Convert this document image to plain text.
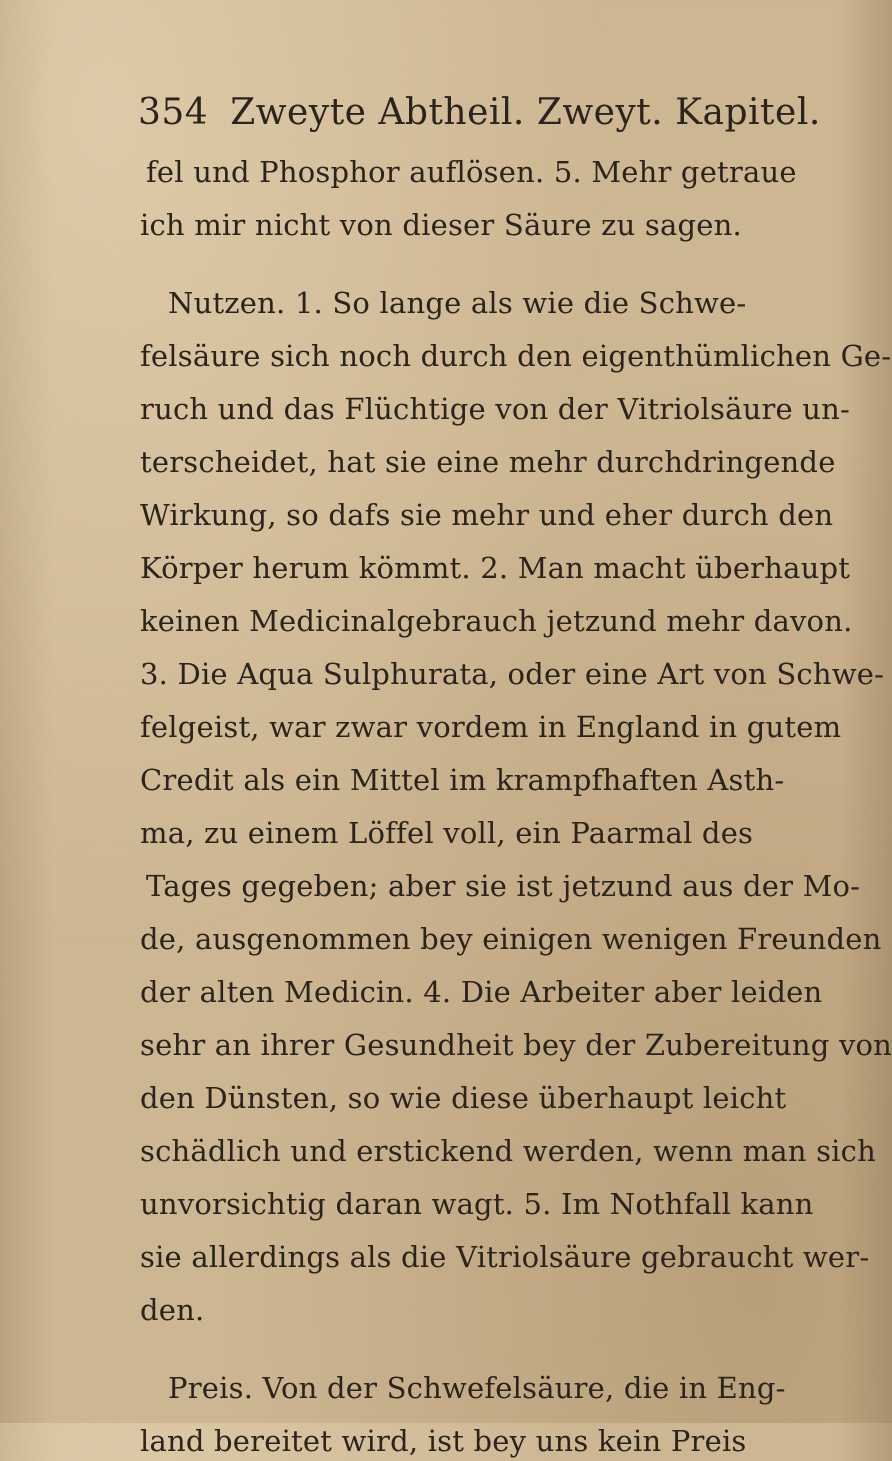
354 Zweyte Abtheil. Zweyt. Kapitel.
fel und Phosphor auflösen. 5. Mehr getraue
ich mir nicht von dieser Säure zu sagen.
Nutzen. 1. So lange als wie die Schwe-
felsäure sich noch durch den eigenthümlichen Ge-
ruch und das Flüchtige von der Vitriolsäure un-
terscheidet, hat sie eine mehr durchdringende
Wirkung, so dafs sie mehr und eher durch den
Körper herum kömmt. 2. Man macht überhaupt
keinen Medicinalgebrauch jetzund mehr davon.
3. Die Aqua Sulphurata, oder eine Art von Schwe-
felgeist, war zwar vordem in England in gutem
Credit als ein Mittel im krampfhaften Asth-
ma, zu einem Löffel voll, ein Paarmal des
Tages gegeben; aber sie ist jetzund aus der Mo-
de, ausgenommen bey einigen wenigen Freunden
der alten Medicin. 4. Die Arbeiter aber leiden
sehr an ihrer Gesundheit bey der Zubereitung von
den Dünsten, so wie diese überhaupt leicht
schädlich und erstickend werden, wenn man sich
unvorsichtig daran wagt. 5. Im Nothfall kann
sie allerdings als die Vitriolsäure gebraucht wer-
den.
Preis. Von der Schwefelsäure, die in Eng-
land bereitet wird, ist bey uns kein Preis
